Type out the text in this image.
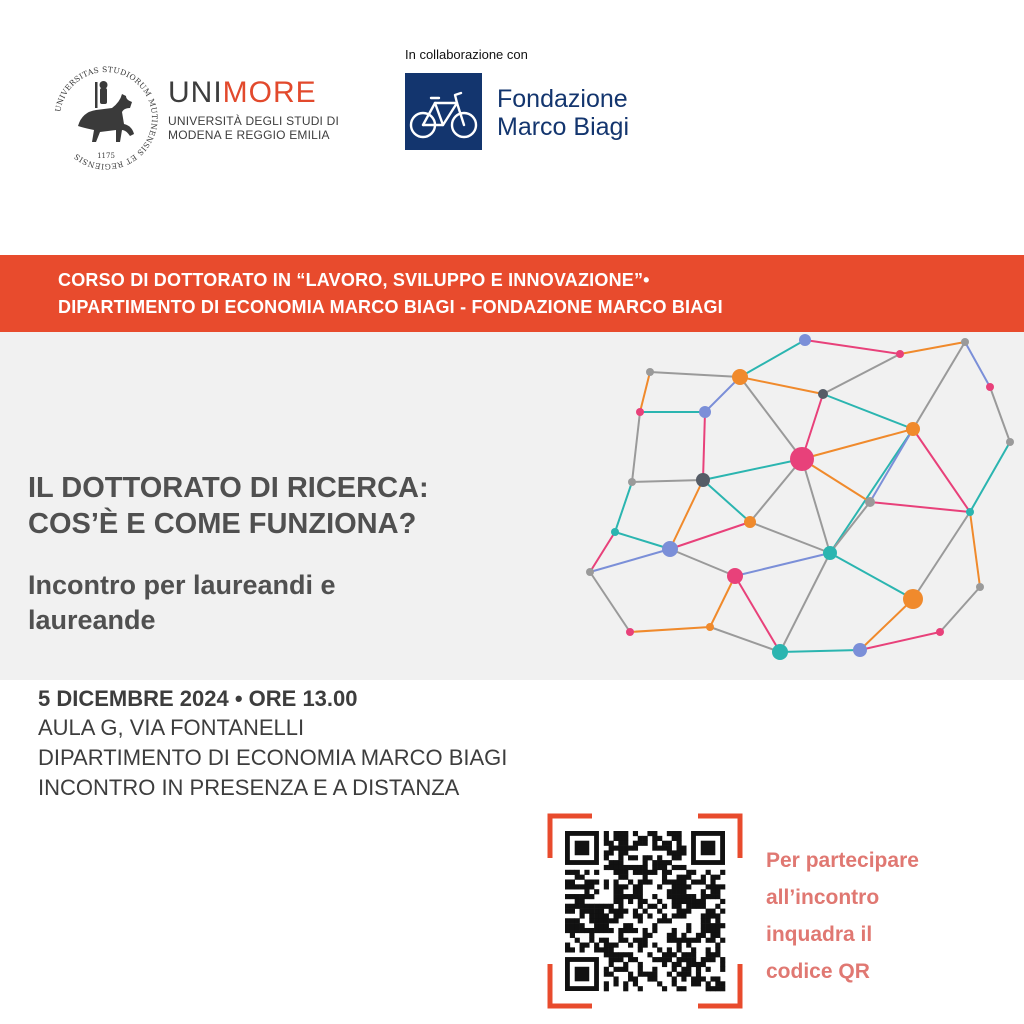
UNIVERSITAS STUDIORUM MUTINENSIS ET REGIENSIS	1175
UNIMORE
UNIVERSITÀ DEGLI STUDI DI
MODENA E REGGIO EMILIA
In collaborazione con
Fondazione
Marco Biagi
CORSO DI DOTTORATO IN “LAVORO, SVILUPPO E INNOVAZIONE”•
DIPARTIMENTO DI ECONOMIA MARCO BIAGI - FONDAZIONE MARCO BIAGI
IL DOTTORATO DI RICERCA:
COS’È E COME FUNZIONA?
Incontro per laureandi e
laureande
5 DICEMBRE 2024 • ORE 13.00
AULA G, VIA FONTANELLI
DIPARTIMENTO DI ECONOMIA MARCO BIAGI
INCONTRO IN PRESENZA E A DISTANZA
Per partecipare
all’incontro
inquadra il
codice QR
